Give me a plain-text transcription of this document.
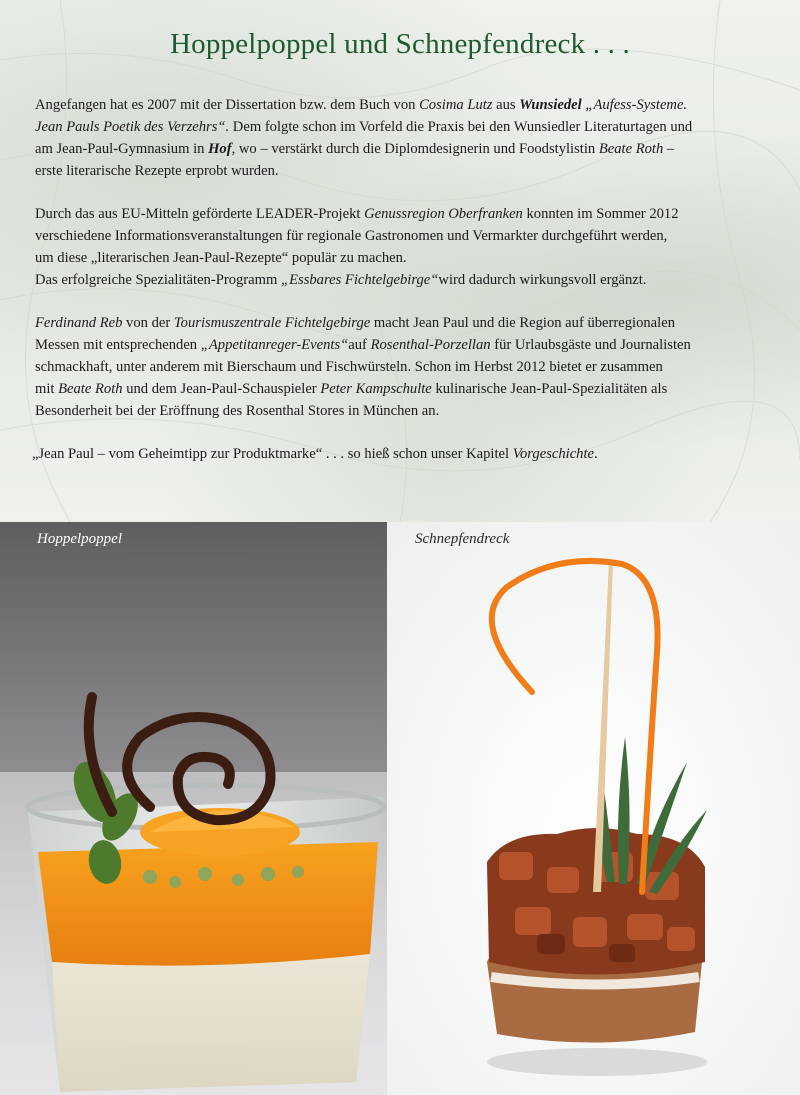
Hoppelpoppel und Schnepfendreck . . .

Angefangen hat es 2007 mit der Dissertation bzw. dem Buch von Cosima Lutz aus Wunsiedel „Aufess-Systeme.
Jean Pauls Poetik des Verzehrs“. Dem folgte schon im Vorfeld die Praxis bei den Wunsiedler Literaturtagen und
am Jean-Paul-Gymnasium in Hof, wo – verstärkt durch die Diplomdesignerin und Foodstylistin Beate Roth –
erste literarische Rezepte erprobt wurden.

Durch das aus EU-Mitteln geförderte LEADER-Projekt Genussregion Oberfranken konnten im Sommer 2012
verschiedene Informationsveranstaltungen für regionale Gastronomen und Vermarkter durchgeführt werden,
um diese „literarischen Jean-Paul-Rezepte“ populär zu machen.
Das erfolgreiche Spezialitäten-Programm „Essbares Fichtelgebirge“wird dadurch wirkungsvoll ergänzt.

Ferdinand Reb von der Tourismuszentrale Fichtelgebirge macht Jean Paul und die Region auf überregionalen
Messen mit entsprechenden „Appetitanreger-Events“auf Rosenthal-Porzellan für Urlaubsgäste und Journalisten
schmackhaft, unter anderem mit Bierschaum und Fischwürsteln. Schon im Herbst 2012 bietet er zusammen
mit Beate Roth und dem Jean-Paul-Schauspieler Peter Kampschulte kulinarische Jean-Paul-Spezialitäten als
Besonderheit bei der Eröffnung des Rosenthal Stores in München an.

„Jean Paul – vom Geheimtipp zur Produktmarke“ . . . so hieß schon unser Kapitel Vorgeschichte.

Hoppelpoppel	Schnepfendreck
